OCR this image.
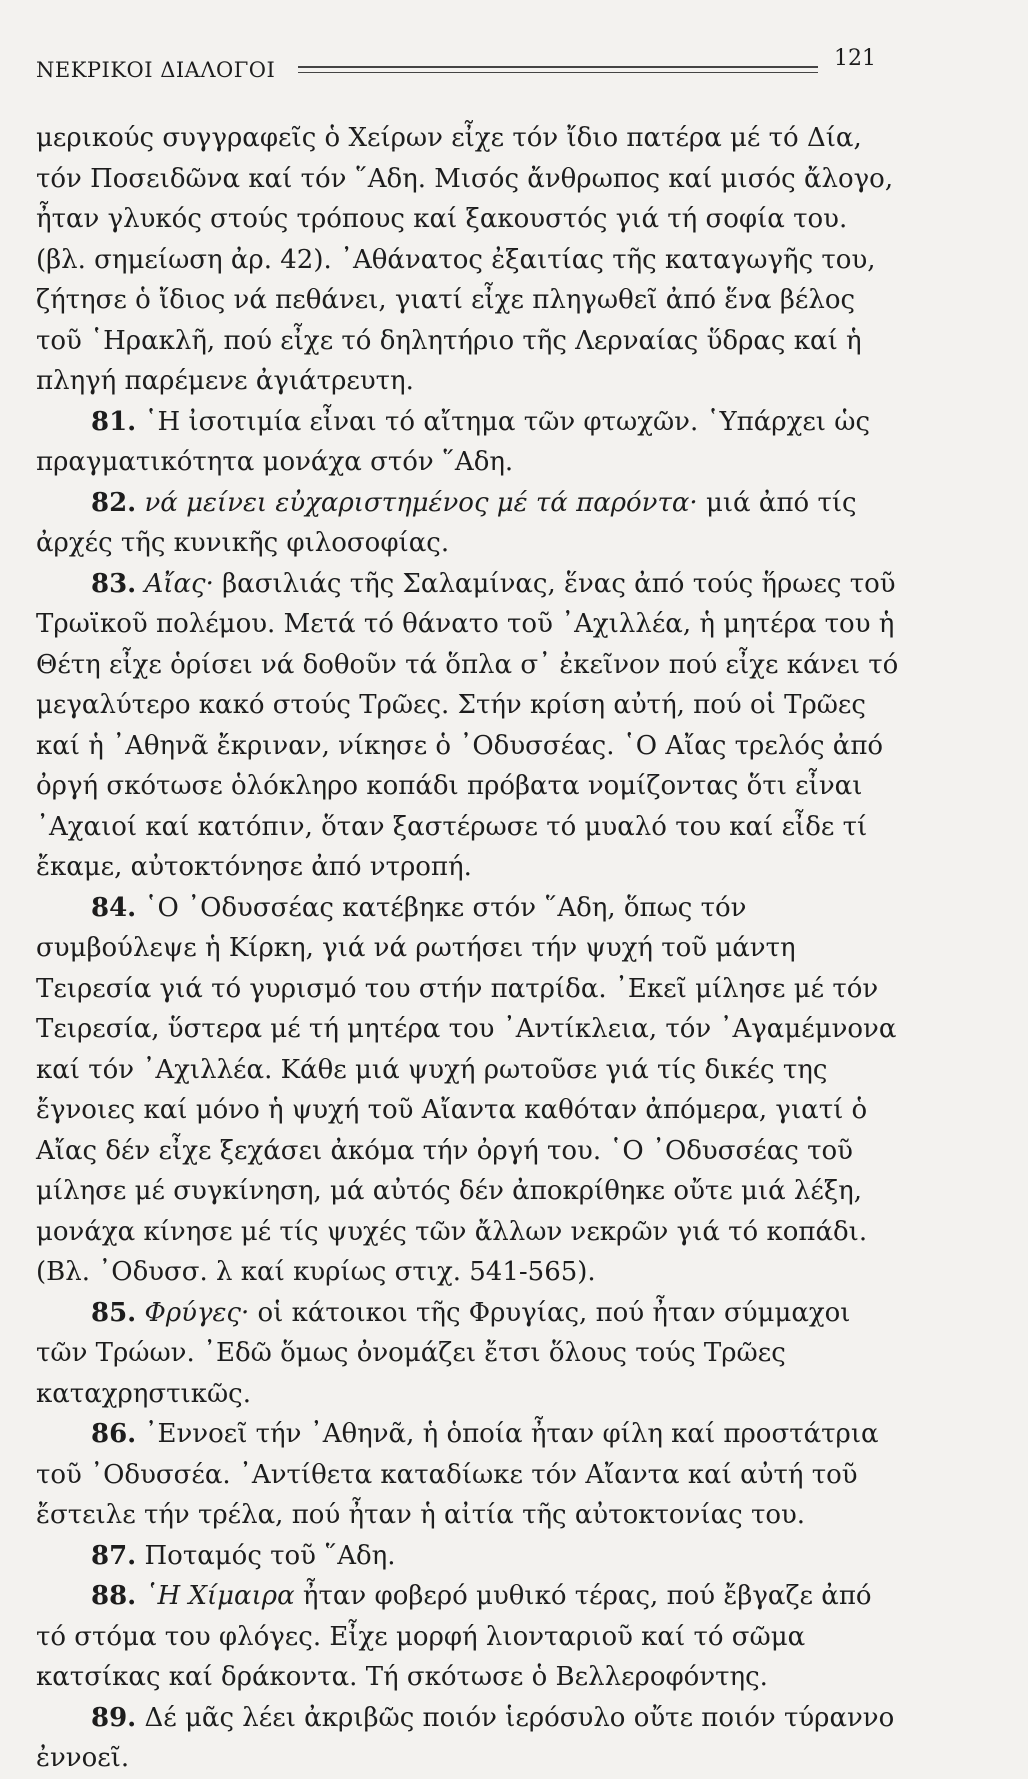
ΝΕΚΡΙΚΟΙ ΔΙΑΛΟΓΟΙ	121

μερικούς συγγραφεῖς ὁ Χείρων εἶχε τόν ἴδιο πατέρα μέ τό Δία, τόν Ποσειδῶνα καί τόν ῞Αδη. Μισός ἄνθρωπος καί μισός ἄλογο, ἦταν γλυκός στούς τρόπους καί ξακουστός γιά τή σοφία του. (βλ. σημείωση ἀρ. 42). ᾿Αθάνατος ἐξαιτίας τῆς καταγωγῆς του, ζήτησε ὁ ἴδιος νά πεθάνει, γιατί εἶχε πληγωθεῖ ἀπό ἕνα βέλος τοῦ ῾Ηρακλῆ, πού εἶχε τό δηλητήριο τῆς Λερναίας ὕδρας καί ἡ πληγή παρέμενε ἀγιάτρευτη.

81. ῾Η ἰσοτιμία εἶναι τό αἴτημα τῶν φτωχῶν. ῾Υπάρχει ὡς πραγματικότητα μονάχα στόν ῞Αδη.

82. νά μείνει εὐχαριστημένος μέ τά παρόντα· μιά ἀπό τίς ἀρχές τῆς κυνικῆς φιλοσοφίας.

83. Αἴας· βασιλιάς τῆς Σαλαμίνας, ἕνας ἀπό τούς ἥρωες τοῦ Τρωϊκοῦ πολέμου. Μετά τό θάνατο τοῦ ᾿Αχιλλέα, ἡ μητέρα του ἡ Θέτη εἶχε ὁρίσει νά δοθοῦν τά ὅπλα σ᾿ ἐκεῖνον πού εἶχε κάνει τό μεγαλύτερο κακό στούς Τρῶες. Στήν κρίση αὐτή, πού οἱ Τρῶες καί ἡ ᾿Αθηνᾶ ἔκριναν, νίκησε ὁ ᾿Οδυσσέας. ῾Ο Αἴας τρελός ἀπό ὀργή σκότωσε ὁλόκληρο κοπάδι πρόβατα νομίζοντας ὅτι εἶναι ᾿Αχαιοί καί κατόπιν, ὅταν ξαστέρωσε τό μυαλό του καί εἶδε τί ἔκαμε, αὐτοκτόνησε ἀπό ντροπή.

84. ῾Ο ᾿Οδυσσέας κατέβηκε στόν ῞Αδη, ὅπως τόν συμβούλεψε ἡ Κίρκη, γιά νά ρωτήσει τήν ψυχή τοῦ μάντη Τειρεσία γιά τό γυρισμό του στήν πατρίδα. ᾿Εκεῖ μίλησε μέ τόν Τειρεσία, ὕστερα μέ τή μητέρα του ᾿Αντίκλεια, τόν ᾿Αγαμέμνονα καί τόν ᾿Αχιλλέα. Κάθε μιά ψυχή ρωτοῦσε γιά τίς δικές της ἔγνοιες καί μόνο ἡ ψυχή τοῦ Αἴαντα καθόταν ἀπόμερα, γιατί ὁ Αἴας δέν εἶχε ξεχάσει ἀκόμα τήν ὀργή του. ῾Ο ᾿Οδυσσέας τοῦ μίλησε μέ συγκίνηση, μά αὐτός δέν ἀποκρίθηκε οὔτε μιά λέξη, μονάχα κίνησε μέ τίς ψυχές τῶν ἄλλων νεκρῶν γιά τό κοπάδι. (Βλ. ᾿Οδυσσ. λ καί κυρίως στιχ. 541-565).

85. Φρύγες· οἱ κάτοικοι τῆς Φρυγίας, πού ἦταν σύμμαχοι τῶν Τρώων. ᾿Εδῶ ὅμως ὀνομάζει ἔτσι ὅλους τούς Τρῶες καταχρηστικῶς.

86. ᾿Εννοεῖ τήν ᾿Αθηνᾶ, ἡ ὁποία ἦταν φίλη καί προστάτρια τοῦ ᾿Οδυσσέα. ᾿Αντίθετα καταδίωκε τόν Αἴαντα καί αὐτή τοῦ ἔστειλε τήν τρέλα, πού ἦταν ἡ αἰτία τῆς αὐτοκτονίας του.

87. Ποταμός τοῦ ῞Αδη.

88. ῾Η Χίμαιρα ἦταν φοβερό μυθικό τέρας, πού ἔβγαζε ἀπό τό στόμα του φλόγες. Εἶχε μορφή λιονταριοῦ καί τό σῶμα κατσίκας καί δράκοντα. Τή σκότωσε ὁ Βελλεροφόντης.

89. Δέ μᾶς λέει ἀκριβῶς ποιόν ἱερόσυλο οὔτε ποιόν τύραννο ἐννοεῖ.
